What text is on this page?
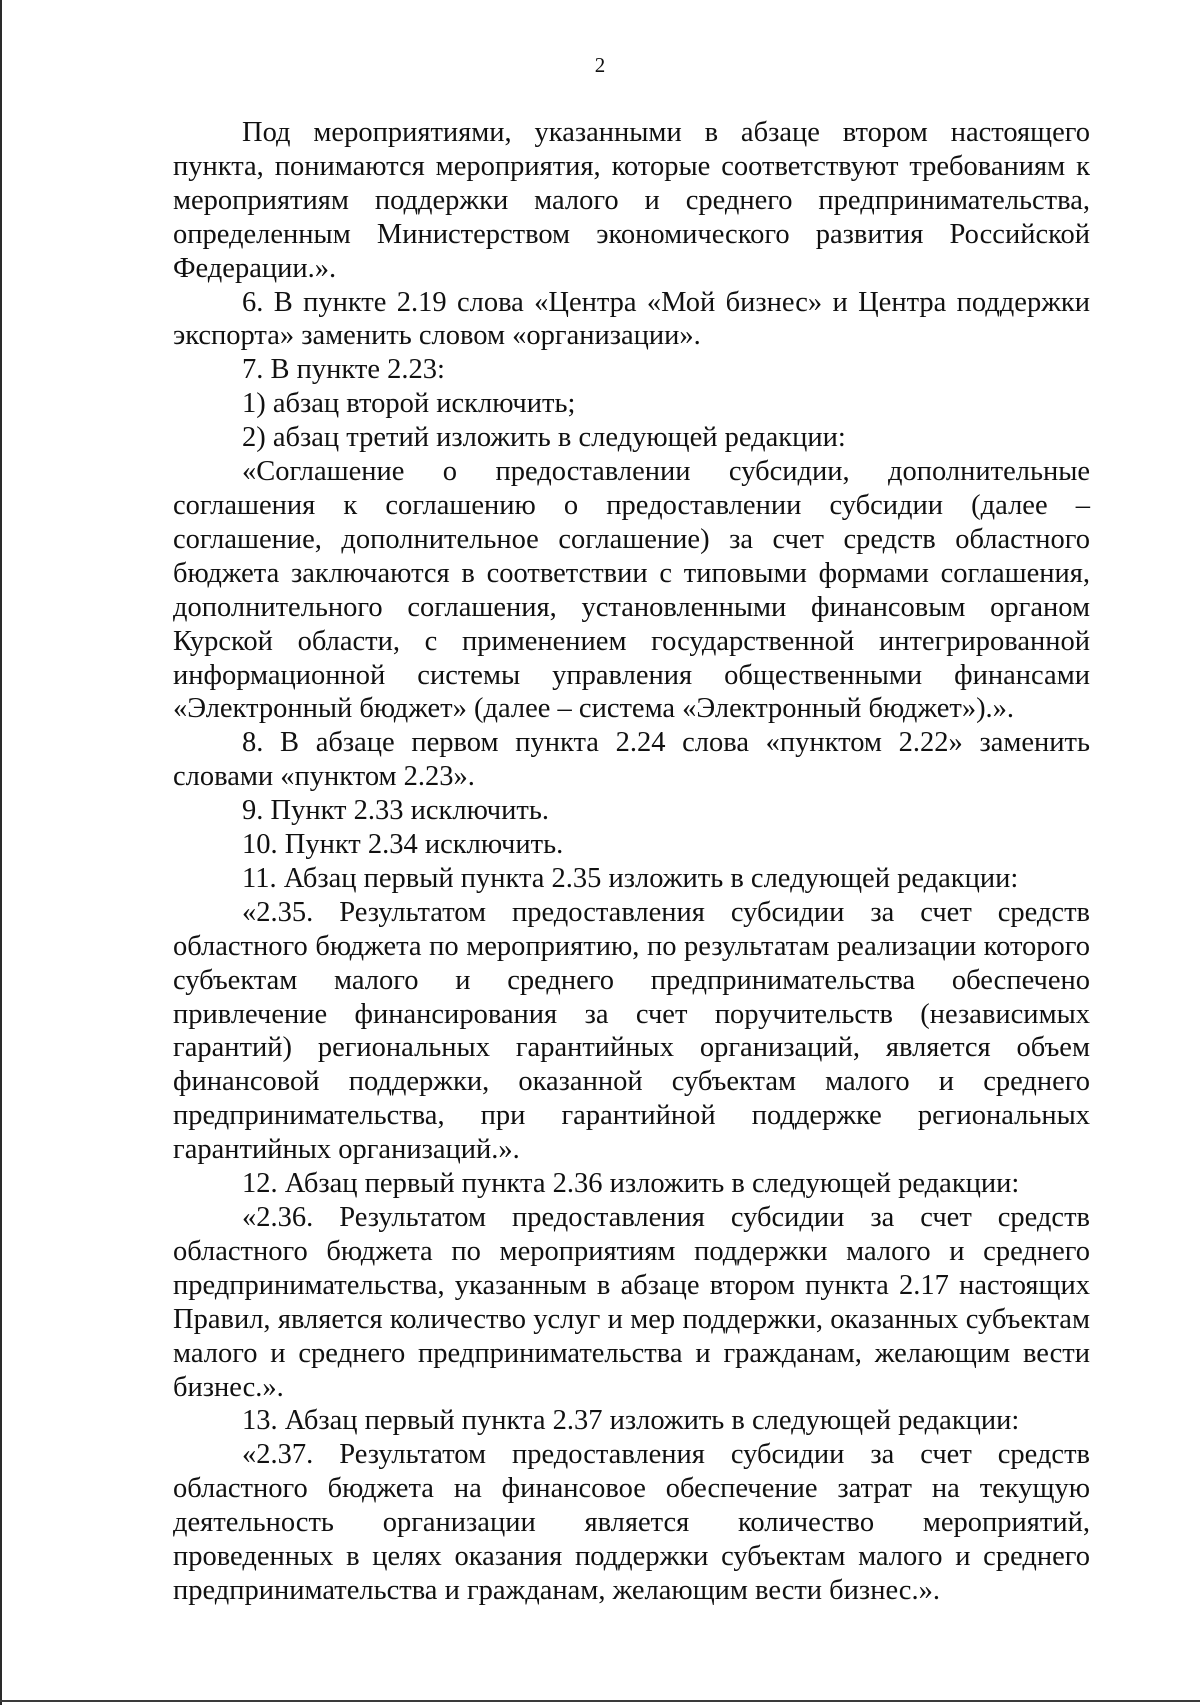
2

Под мероприятиями, указанными в абзаце втором настоящего пункта, понимаются мероприятия, которые соответствуют требованиям к мероприятиям поддержки малого и среднего предпринимательства, определенным Министерством экономического развития Российской Федерации.».

6. В пункте 2.19 слова «Центра «Мой бизнес» и Центра поддержки экспорта» заменить словом «организации».

7. В пункте 2.23:

1) абзац второй исключить;

2) абзац третий изложить в следующей редакции:

«Соглашение о предоставлении субсидии, дополнительные соглашения к соглашению о предоставлении субсидии (далее – соглашение, дополнительное соглашение) за счет средств областного бюджета заключаются в соответствии с типовыми формами соглашения, дополнительного соглашения, установленными финансовым органом Курской области, с применением государственной интегрированной информационной системы управления общественными финансами «Электронный бюджет» (далее – система «Электронный бюджет»).».

8. В абзаце первом пункта 2.24 слова «пунктом 2.22» заменить словами «пунктом 2.23».

9. Пункт 2.33 исключить.

10. Пункт 2.34 исключить.

11. Абзац первый пункта 2.35 изложить в следующей редакции:

«2.35. Результатом предоставления субсидии за счет средств областного бюджета по мероприятию, по результатам реализации которого субъектам малого и среднего предпринимательства обеспечено привлечение финансирования за счет поручительств (независимых гарантий) региональных гарантийных организаций, является объем финансовой поддержки, оказанной субъектам малого и среднего предпринимательства, при гарантийной поддержке региональных гарантийных организаций.».

12. Абзац первый пункта 2.36 изложить в следующей редакции:

«2.36. Результатом предоставления субсидии за счет средств областного бюджета по мероприятиям поддержки малого и среднего предпринимательства, указанным в абзаце втором пункта 2.17 настоящих Правил, является количество услуг и мер поддержки, оказанных субъектам малого и среднего предпринимательства и гражданам, желающим вести бизнес.».

13. Абзац первый пункта 2.37 изложить в следующей редакции:

«2.37. Результатом предоставления субсидии за счет средств областного бюджета на финансовое обеспечение затрат на текущую деятельность организации является количество мероприятий, проведенных в целях оказания поддержки субъектам малого и среднего предпринимательства и гражданам, желающим вести бизнес.».
